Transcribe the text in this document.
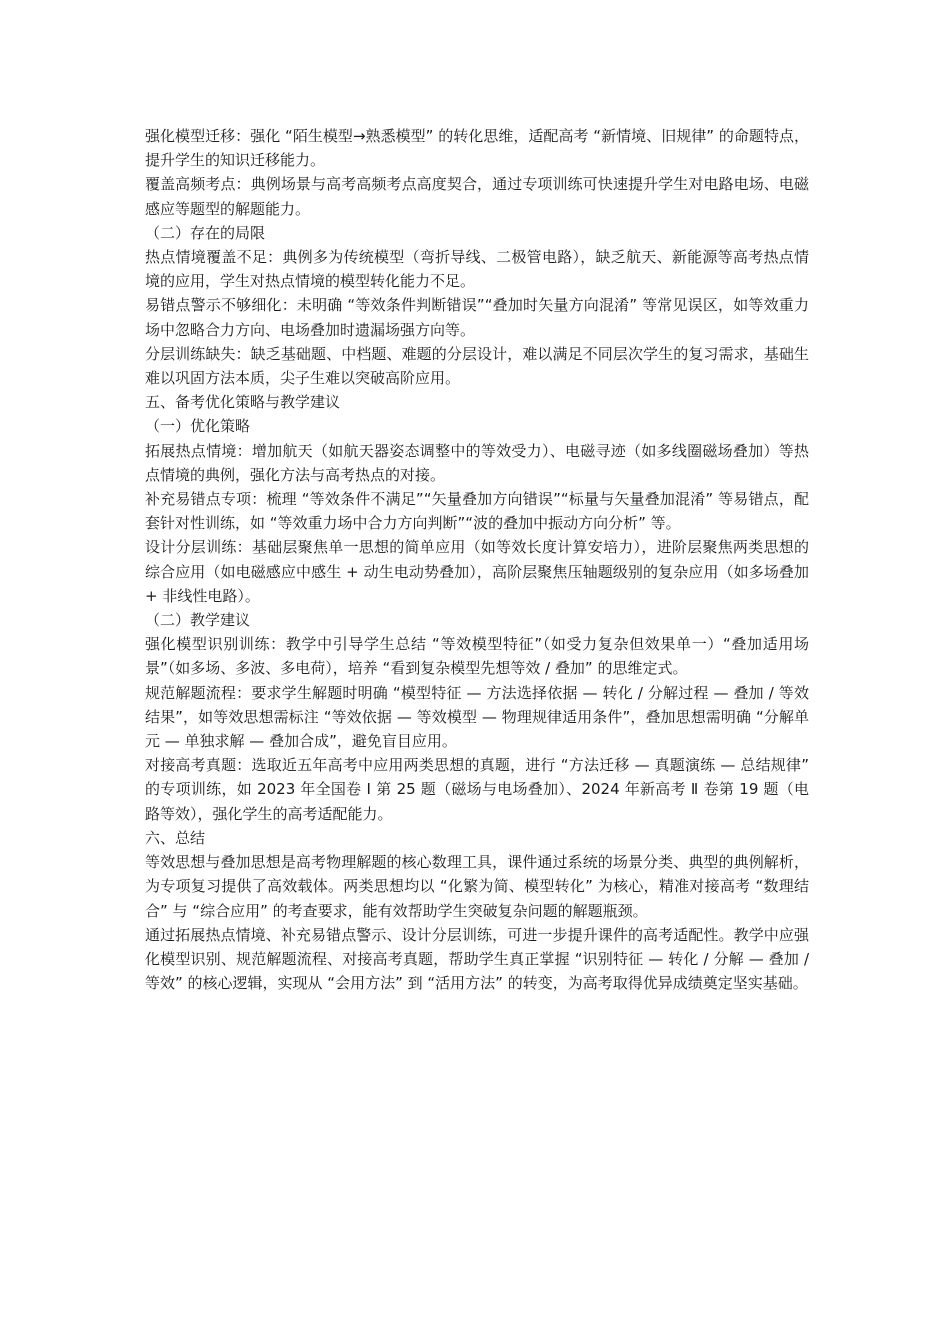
强化模型迁移：强化 “陌生模型→熟悉模型” 的转化思维，适配高考 “新情境、旧规律” 的命题特点，提升学生的知识迁移能力。

覆盖高频考点：典例场景与高考高频考点高度契合，通过专项训练可快速提升学生对电路电场、电磁感应等题型的解题能力。

（二）存在的局限

热点情境覆盖不足：典例多为传统模型（弯折导线、二极管电路），缺乏航天、新能源等高考热点情境的应用，学生对热点情境的模型转化能力不足。

易错点警示不够细化：未明确 “等效条件判断错误”“叠加时矢量方向混淆” 等常见误区，如等效重力场中忽略合力方向、电场叠加时遗漏场强方向等。

分层训练缺失：缺乏基础题、中档题、难题的分层设计，难以满足不同层次学生的复习需求，基础生难以巩固方法本质，尖子生难以突破高阶应用。

五、备考优化策略与教学建议

（一）优化策略

拓展热点情境：增加航天（如航天器姿态调整中的等效受力）、电磁寻迹（如多线圈磁场叠加）等热点情境的典例，强化方法与高考热点的对接。

补充易错点专项：梳理 “等效条件不满足”“矢量叠加方向错误”“标量与矢量叠加混淆” 等易错点，配套针对性训练，如 “等效重力场中合力方向判断”“波的叠加中振动方向分析” 等。

设计分层训练：基础层聚焦单一思想的简单应用（如等效长度计算安培力），进阶层聚焦两类思想的综合应用（如电磁感应中感生 + 动生电动势叠加），高阶层聚焦压轴题级别的复杂应用（如多场叠加 + 非线性电路）。

（二）教学建议

强化模型识别训练：教学中引导学生总结 “等效模型特征”（如受力复杂但效果单一）“叠加适用场景”（如多场、多波、多电荷），培养 “看到复杂模型先想等效 / 叠加” 的思维定式。

规范解题流程：要求学生解题时明确 “模型特征 — 方法选择依据 — 转化 / 分解过程 — 叠加 / 等效结果”，如等效思想需标注 “等效依据 — 等效模型 — 物理规律适用条件”，叠加思想需明确 “分解单元 — 单独求解 — 叠加合成”，避免盲目应用。

对接高考真题：选取近五年高考中应用两类思想的真题，进行 “方法迁移 — 真题演练 — 总结规律” 的专项训练，如 2023 年全国卷 Ⅰ 第 25 题（磁场与电场叠加）、2024 年新高考 Ⅱ 卷第 19 题（电路等效），强化学生的高考适配能力。

六、总结

等效思想与叠加思想是高考物理解题的核心数理工具，课件通过系统的场景分类、典型的典例解析，为专项复习提供了高效载体。两类思想均以 “化繁为简、模型转化” 为核心，精准对接高考 “数理结合” 与 “综合应用” 的考查要求，能有效帮助学生突破复杂问题的解题瓶颈。

通过拓展热点情境、补充易错点警示、设计分层训练，可进一步提升课件的高考适配性。教学中应强化模型识别、规范解题流程、对接高考真题，帮助学生真正掌握 “识别特征 — 转化 / 分解 — 叠加 / 等效” 的核心逻辑，实现从 “会用方法” 到 “活用方法” 的转变，为高考取得优异成绩奠定坚实基础。
